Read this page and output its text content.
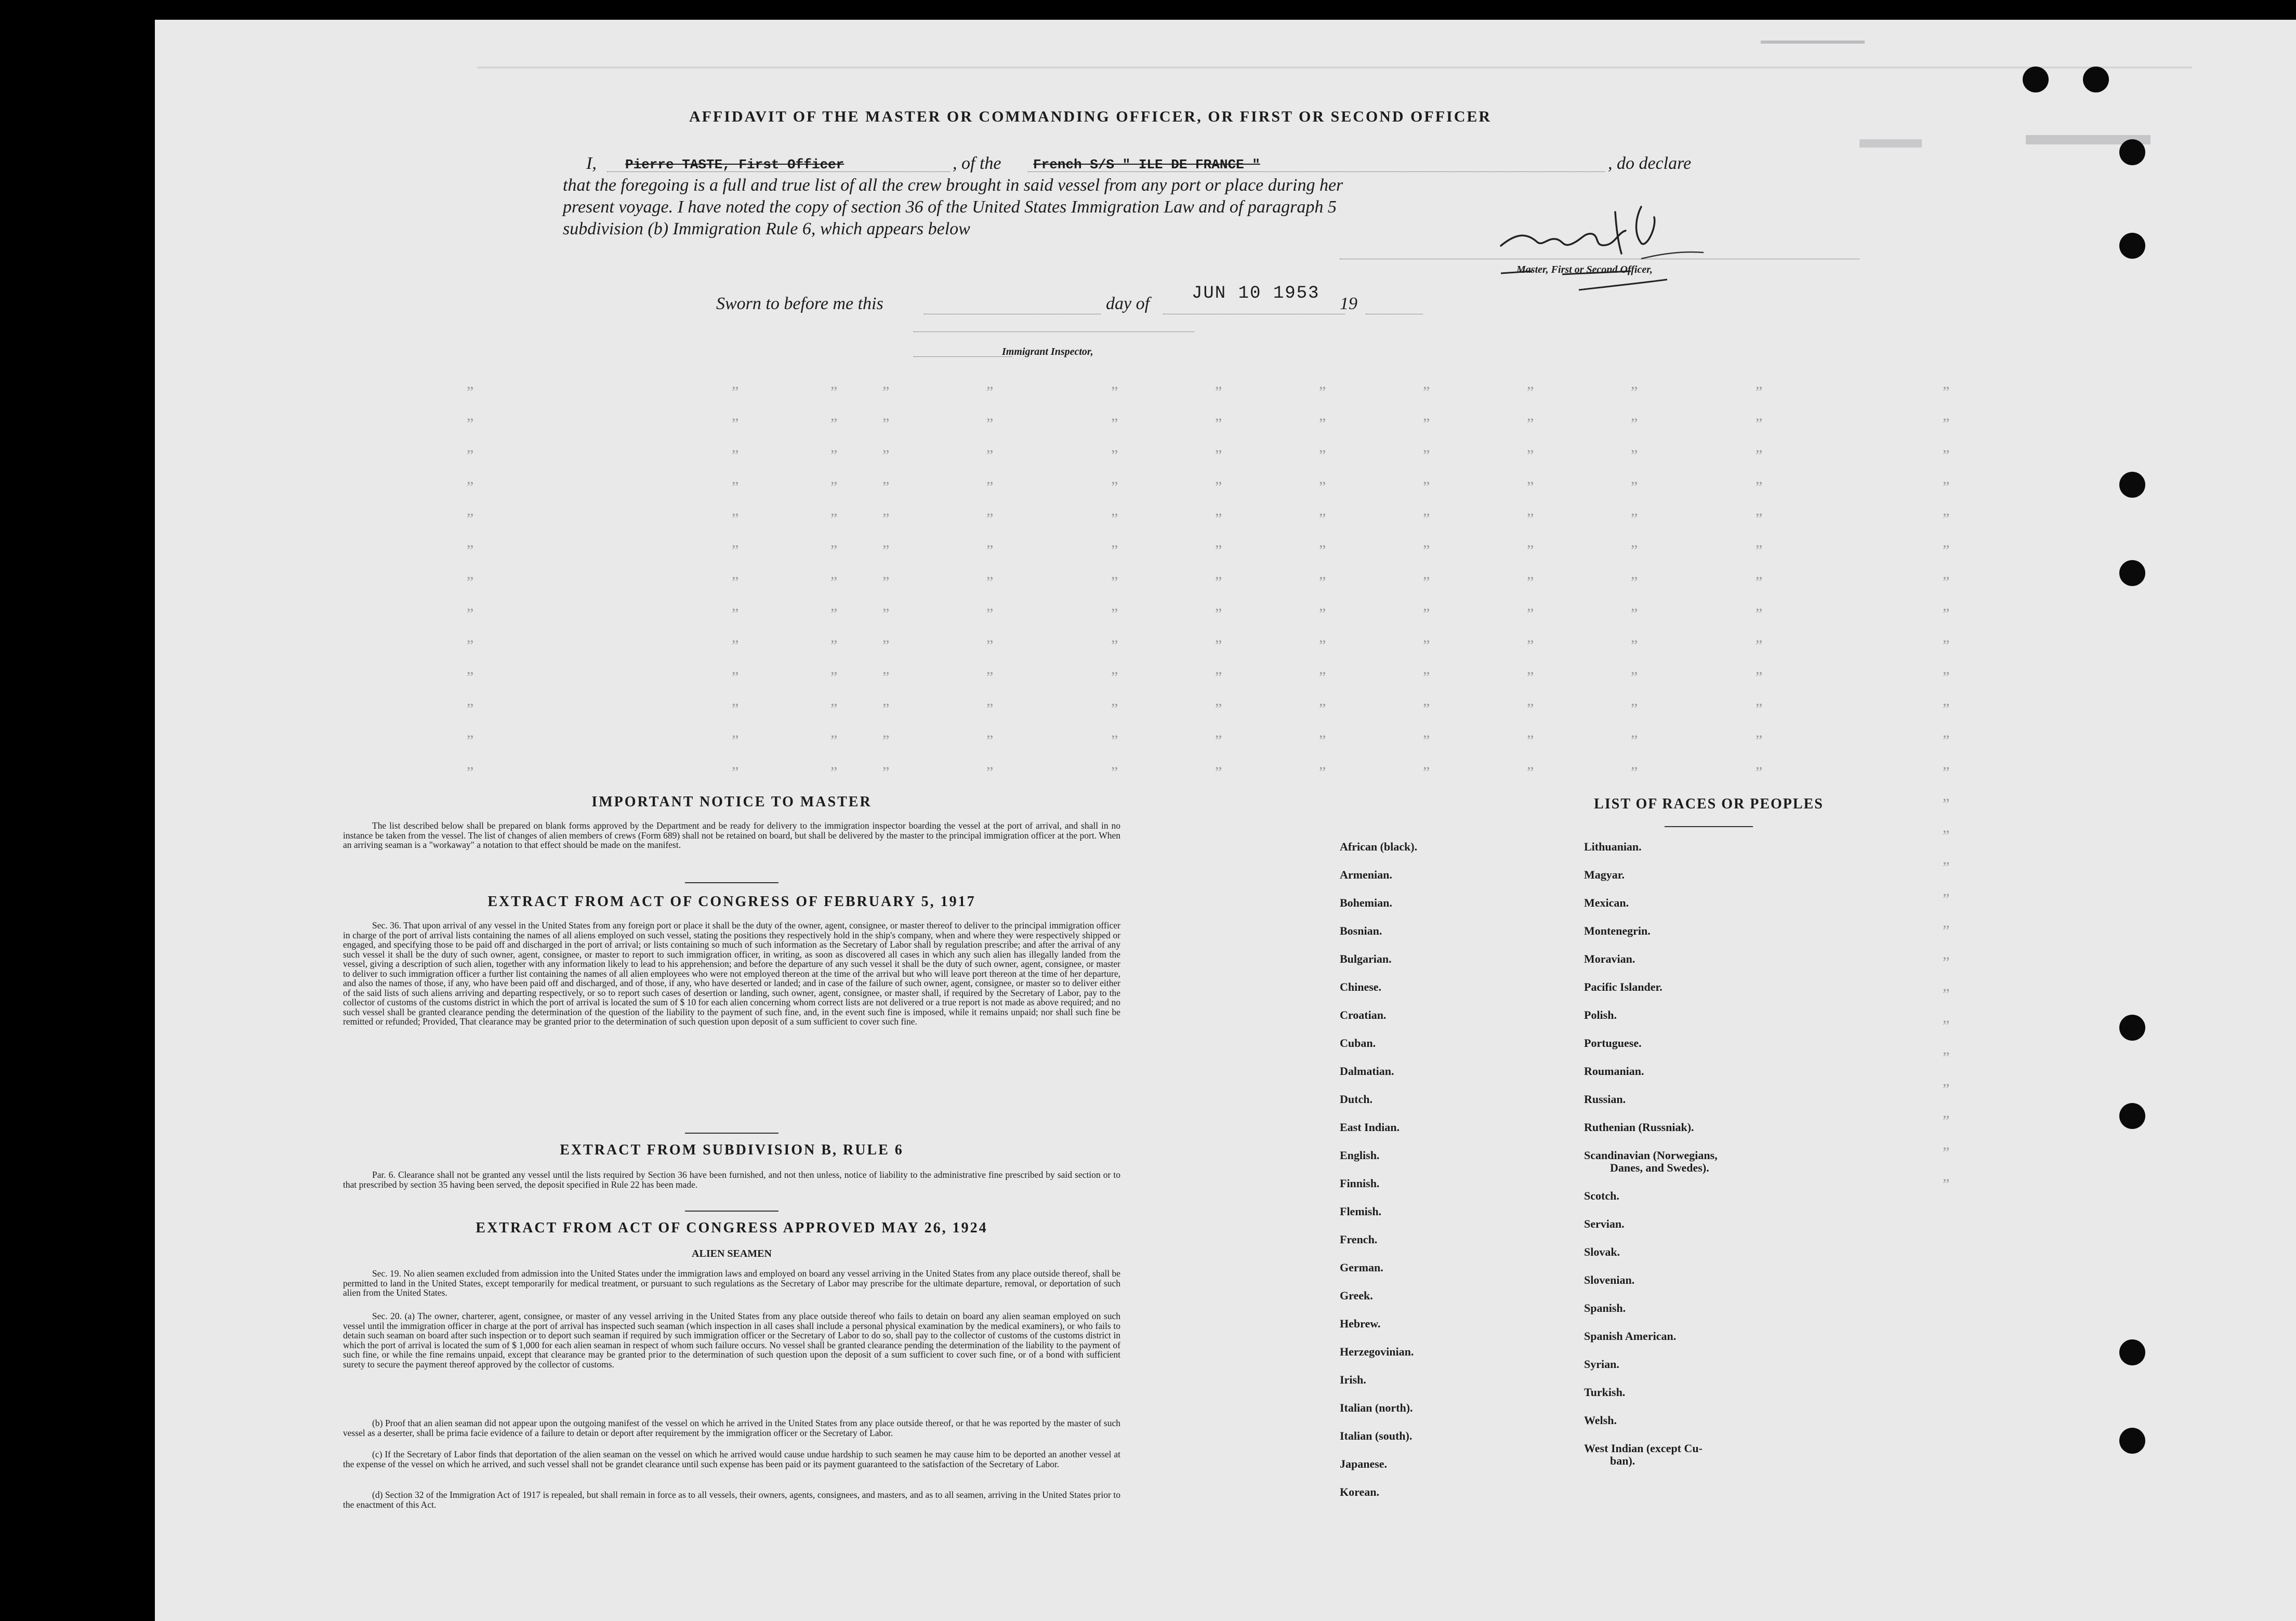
”	”	”	”	”	”	”	”	”	”	”	”	”
”	”	”	”	”	”	”	”	”	”	”	”	”
”	”	”	”	”	”	”	”	”	”	”	”	”
”	”	”	”	”	”	”	”	”	”	”	”	”
”	”	”	”	”	”	”	”	”	”	”	”	”
”	”	”	”	”	”	”	”	”	”	”	”	”
”	”	”	”	”	”	”	”	”	”	”	”	”
”	”	”	”	”	”	”	”	”	”	”	”	”
”	”	”	”	”	”	”	”	”	”	”	”	”
”	”	”	”	”	”	”	”	”	”	”	”	”
”	”	”	”	”	”	”	”	”	”	”	”	”
”	”	”	”	”	”	”	”	”	”	”	”	”
”	”	”	”	”	”	”	”	”	”	”	”	”
”
”
”
”
”
”
”
”
”
”
”
”
”
AFFIDAVIT OF THE MASTER OR COMMANDING OFFICER, OR FIRST OR SECOND OFFICER
I, Pierre TASTE, First Officer	, of the French S/S " ILE DE FRANCE "	, do declare
that the foregoing is a full and true list of all the crew brought in said vessel from any port or place during her
present voyage. I have noted the copy of section 36 of the United States Immigration Law and of paragraph 5
subdivision (b) Immigration Rule 6, which appears below
Master, First or Second Officer,
Sworn to before me this	day of
JUN 10 1953
19
Immigrant Inspector,
IMPORTANT NOTICE TO MASTER
The list described below shall be prepared on blank forms approved by the Department and be ready for delivery to the immigration inspector boarding the vessel at the port of arrival, and shall in no instance be taken from the vessel. The list of changes of alien members of crews (Form 689) shall not be retained on board, but shall be delivered by the master to the principal immigration officer at the port. When an arriving seaman is a "workaway" a notation to that effect should be made on the manifest.
EXTRACT FROM ACT OF CONGRESS OF FEBRUARY 5, 1917
Sec. 36. That upon arrival of any vessel in the United States from any foreign port or place it shall be the duty of the owner, agent, consignee, or master thereof to deliver to the principal immigration officer in charge of the port of arrival lists containing the names of all aliens employed on such vessel, stating the positions they respectively hold in the ship's company, when and where they were respectively shipped or engaged, and specifying those to be paid off and discharged in the port of arrival; or lists containing so much of such information as the Secretary of Labor shall by regulation prescribe; and after the arrival of any such vessel it shall be the duty of such owner, agent, consignee, or master to report to such immigration officer, in writing, as soon as discovered all cases in which any such alien has illegally landed from the vessel, giving a description of such alien, together with any information likely to lead to his apprehension; and before the departure of any such vessel it shall be the duty of such owner, agent, consignee, or master to deliver to such immigration officer a further list containing the names of all alien employees who were not employed thereon at the time of the arrival but who will leave port thereon at the time of her departure, and also the names of those, if any, who have been paid off and discharged, and of those, if any, who have deserted or landed; and in case of the failure of such owner, agent, consignee, or master so to deliver either of the said lists of such aliens arriving and departing respectively, or so to report such cases of desertion or landing, such owner, agent, consignee, or master shall, if required by the Secretary of Labor, pay to the collector of customs of the customs district in which the port of arrival is located the sum of $ 10 for each alien concerning whom correct lists are not delivered or a true report is not made as above required; and no such vessel shall be granted clearance pending the determination of the question of the liability to the payment of such fine, and, in the event such fine is imposed, while it remains unpaid; nor shall such fine be remitted or refunded; Provided, That clearance may be granted prior to the determination of such question upon deposit of a sum sufficient to cover such fine.
EXTRACT FROM SUBDIVISION B, RULE 6
Par. 6. Clearance shall not be granted any vessel until the lists required by Section 36 have been furnished, and not then unless, notice of liability to the administrative fine prescribed by said section or to that prescribed by section 35 having been served, the deposit specified in Rule 22 has been made.
EXTRACT FROM ACT OF CONGRESS APPROVED MAY 26, 1924
ALIEN SEAMEN
Sec. 19. No alien seamen excluded from admission into the United States under the immigration laws and employed on board any vessel arriving in the United States from any place outside thereof, shall be permitted to land in the United States, except temporarily for medical treatment, or pursuant to such regulations as the Secretary of Labor may prescribe for the ultimate departure, removal, or deportation of such alien from the United States.
Sec. 20. (a) The owner, charterer, agent, consignee, or master of any vessel arriving in the United States from any place outside thereof who fails to detain on board any alien seaman employed on such vessel until the immigration officer in charge at the port of arrival has inspected such seaman (which inspection in all cases shall include a personal physical examination by the medical examiners), or who fails to detain such seaman on board after such inspection or to deport such seaman if required by such immigration officer or the Secretary of Labor to do so, shall pay to the collector of customs of the customs district in which the port of arrival is located the sum of $ 1,000 for each alien seaman in respect of whom such failure occurs. No vessel shall be granted clearance pending the determination of the liability to the payment of such fine, or while the fine remains unpaid, except that clearance may be granted prior to the determination of such question upon the deposit of a sum sufficient to cover such fine, or of a bond with sufficient surety to secure the payment thereof approved by the collector of customs.
(b) Proof that an alien seaman did not appear upon the outgoing manifest of the vessel on which he arrived in the United States from any place outside thereof, or that he was reported by the master of such vessel as a deserter, shall be prima facie evidence of a failure to detain or deport after requirement by the immigration officer or the Secretary of Labor.
(c) If the Secretary of Labor finds that deportation of the alien seaman on the vessel on which he arrived would cause undue hardship to such seamen he may cause him to be deported an another vessel at the expense of the vessel on which he arrived, and such vessel shall not be grandet clearance until such expense has been paid or its payment guaranteed to the satisfaction of the Secretary of Labor.
(d) Section 32 of the Immigration Act of 1917 is repealed, but shall remain in force as to all vessels, their owners, agents, consignees, and masters, and as to all seamen, arriving in the United States prior to the enactment of this Act.
LIST OF RACES OR PEOPLES
African (black).
Armenian.
Bohemian.
Bosnian.
Bulgarian.
Chinese.
Croatian.
Cuban.
Dalmatian.
Dutch.
East Indian.
English.
Finnish.
Flemish.
French.
German.
Greek.
Hebrew.
Herzegovinian.
Irish.
Italian (north).
Italian (south).
Japanese.
Korean.
Lithuanian.
Magyar.
Mexican.
Montenegrin.
Moravian.
Pacific Islander.
Polish.
Portuguese.
Roumanian.
Russian.
Ruthenian (Russniak).
Scandinavian (Norwegians,
Danes, and Swedes).
Scotch.
Servian.
Slovak.
Slovenian.
Spanish.
Spanish American.
Syrian.
Turkish.
Welsh.
West Indian (except Cu-
ban).
